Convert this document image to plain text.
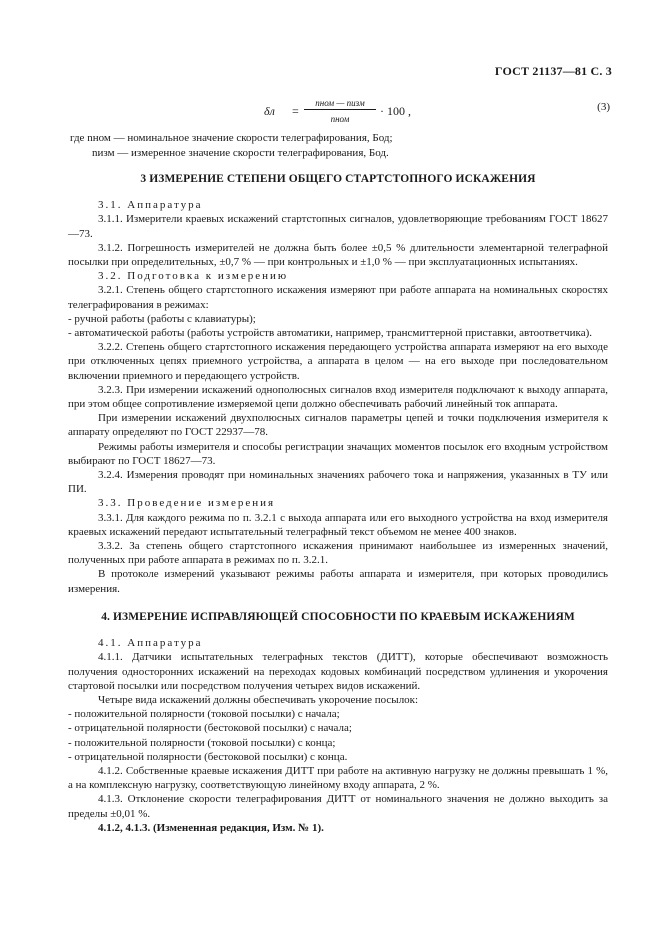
ГОСТ 21137—81 С. 3
δл =
nном — nизм
nном
· 100 ,	(3)
где nном — номинальное значение скорости телеграфирования, Бод;
nизм — измеренное значение скорости телеграфирования, Бод.

3 ИЗМЕРЕНИЕ СТЕПЕНИ ОБЩЕГО СТАРТСТОПНОГО ИСКАЖЕНИЯ

3.1. Аппаратура

3.1.1. Измерители краевых искажений стартстопных сигналов, удовлетворяющие требованиям ГОСТ 18627—73.

3.1.2. Погрешность измерителей не должна быть более ±0,5 % длительности элементарной телеграфной посылки при определительных, ±0,7 % — при контрольных и ±1,0 % — при эксплуатационных испытаниях.

3.2. Подготовка к измерению

3.2.1. Степень общего стартстопного искажения измеряют при работе аппарата на номинальных скоростях телеграфирования в режимах:

- ручной работы (работы с клавиатуры);

- автоматической работы (работы устройств автоматики, например, трансмиттерной приставки, автоответчика).

3.2.2. Степень общего стартстопного искажения передающего устройства аппарата измеряют на его выходе при отключенных цепях приемного устройства, а аппарата в целом — на его выходе при последовательном включении приемного и передающего устройств.

3.2.3. При измерении искажений однополюсных сигналов вход измерителя подключают к выходу аппарата, при этом общее сопротивление измеряемой цепи должно обеспечивать рабочий линейный ток аппарата.

При измерении искажений двухполюсных сигналов параметры цепей и точки подключения измерителя к аппарату определяют по ГОСТ 22937—78.

Режимы работы измерителя и способы регистрации значащих моментов посылок его входным устройством выбирают по ГОСТ 18627—73.

3.2.4. Измерения проводят при номинальных значениях рабочего тока и напряжения, указанных в ТУ или ПИ.

3.3. Проведение измерения

3.3.1. Для каждого режима по п. 3.2.1 с выхода аппарата или его выходного устройства на вход измерителя краевых искажений передают испытательный телеграфный текст объемом не менее 400 знаков.

3.3.2. За степень общего стартстопного искажения принимают наибольшее из измеренных значений, полученных при работе аппарата в режимах по п. 3.2.1.

В протоколе измерений указывают режимы работы аппарата и измерителя, при которых проводились измерения.

4. ИЗМЕРЕНИЕ ИСПРАВЛЯЮЩЕЙ СПОСОБНОСТИ ПО КРАЕВЫМ ИСКАЖЕНИЯМ

4.1. Аппаратура

4.1.1. Датчики испытательных телеграфных текстов (ДИТТ), которые обеспечивают возможность получения односторонних искажений на переходах кодовых комбинаций посредством удлинения и укорочения стартовой посылки или посредством получения четырех видов искажений.

Четыре вида искажений должны обеспечивать укорочение посылок:

- положительной полярности (токовой посылки) с начала;

- отрицательной полярности (бестоковой посылки) с начала;

- положительной полярности (токовой посылки) с конца;

- отрицательной полярности (бестоковой посылки) с конца.

4.1.2. Собственные краевые искажения ДИТТ при работе на активную нагрузку не должны превышать 1 %, а на комплексную нагрузку, соответствующую линейному входу аппарата, 2 %.

4.1.3. Отклонение скорости телеграфирования ДИТТ от номинального значения не должно выходить за пределы ±0,01 %.

4.1.2, 4.1.3. (Измененная редакция, Изм. № 1).
